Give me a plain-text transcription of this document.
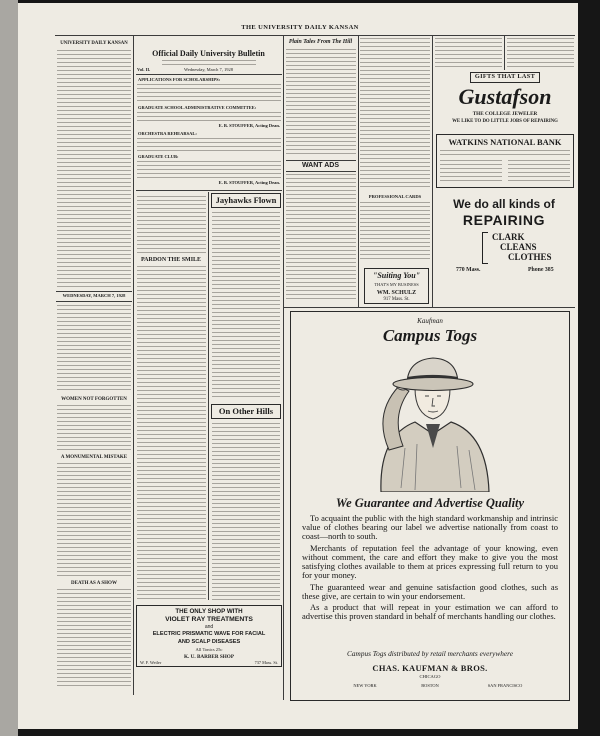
THE UNIVERSITY DAILY KANSAN
UNIVERSITY DAILY KANSAN
WEDNESDAY, MARCH 7, 1928
WOMEN NOT FORGOTTEN
A MONUMENTAL MISTAKE
DEATH AS A SHOW
Official Daily University Bulletin
Vol. II.	Wednesday, March 7, 1928
APPLICATIONS FOR SCHOLARSHIPS:
GRADUATE SCHOOL ADMINISTRATIVE COMMITTEE:
E. B. STOUFFER, Acting Dean.
ORCHESTRA REHEARSAL:
GRADUATE CLUB:
E. B. STOUFFER, Acting Dean.
PARDON THE SMILE
Jayhawks Flown
On Other Hills
THE ONLY SHOP WITH
VIOLET RAY TREATMENTS
and
ELECTRIC PRISMATIC WAVE FOR FACIAL
AND SCALP DISEASES
All Tonics 25c
K. U. BARBER SHOP
W. F. Weiler	737 Mass. St.
Plain Tales From The Hill
WANT ADS
PROFESSIONAL CARDS
"Suiting You"
THAT'S MY BUSINESS
WM. SCHULZ
917 Mass. St.
GIFTS THAT LAST
Gustafson
THE COLLEGE JEWELER
WE LIKE TO DO LITTLE JOBS OF REPAIRING
WATKINS NATIONAL BANK
We do all kinds of
REPAIRING
CLARK
CLEANS
CLOTHES
770 Mass.	Phone 385
Kaufman
Campus Togs
We Guarantee and Advertise Quality

To acquaint the public with the high standard workmanship and intrinsic value of clothes bearing our label we advertise nationally from coast to coast—north to south.

Merchants of reputation feel the advantage of your knowing, even without comment, the care and effort they make to give you the most satisfying clothes available to them at prices expressing full return to you for your money.

The guaranteed wear and genuine satisfaction good clothes, such as these give, are certain to win your endorsement.

As a product that will repeat in your estimation we can afford to advertise this proven standard in behalf of merchants handling our clothes.

Campus Togs distributed by retail merchants everywhere
CHAS. KAUFMAN & BROS.
CHICAGO
NEW YORK	BOSTON	SAN FRANCISCO
